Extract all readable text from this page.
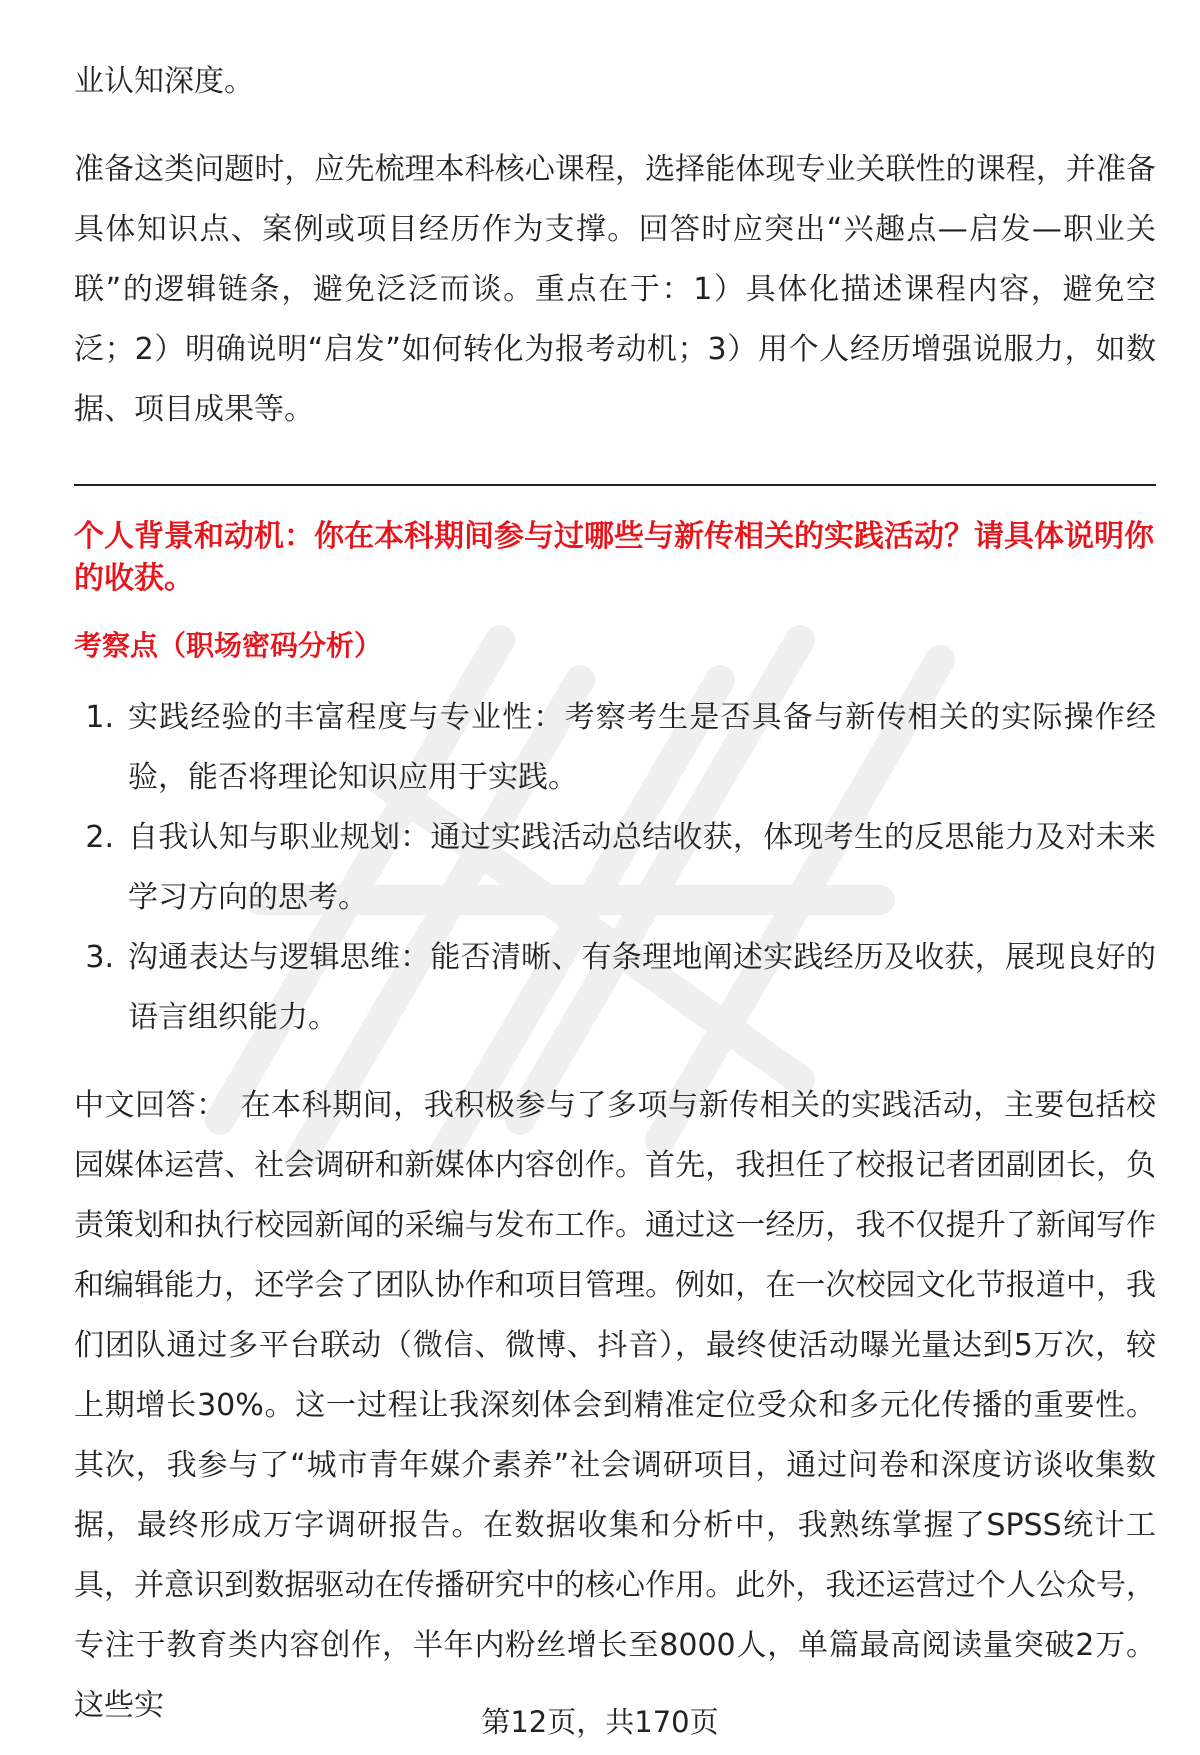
业认知深度。

准备这类问题时，应先梳理本科核心课程，选择能体现专业关联性的课程，并准备具体知识点、案例或项目经历作为支撑。回答时应突出“兴趣点—启发—职业关联”的逻辑链条，避免泛泛而谈。重点在于：1）具体化描述课程内容，避免空泛；2）明确说明“启发”如何转化为报考动机；3）用个人经历增强说服力，如数据、项目成果等。

个人背景和动机：你在本科期间参与过哪些与新传相关的实践活动？请具体说明你的收获。
考察点（职场密码分析）
1. 实践经验的丰富程度与专业性：考察考生是否具备与新传相关的实际操作经验，能否将理论知识应用于实践。
2. 自我认知与职业规划：通过实践活动总结收获，体现考生的反思能力及对未来学习方向的思考。
3. 沟通表达与逻辑思维：能否清晰、有条理地阐述实践经历及收获，展现良好的语言组织能力。

中文回答： 在本科期间，我积极参与了多项与新传相关的实践活动，主要包括校园媒体运营、社会调研和新媒体内容创作。首先，我担任了校报记者团副团长，负责策划和执行校园新闻的采编与发布工作。通过这一经历，我不仅提升了新闻写作和编辑能力，还学会了团队协作和项目管理。例如，在一次校园文化节报道中，我们团队通过多平台联动（微信、微博、抖音），最终使活动曝光量达到5万次，较上期增长30%。这一过程让我深刻体会到精准定位受众和多元化传播的重要性。其次，我参与了“城市青年媒介素养”社会调研项目，通过问卷和深度访谈收集数据，最终形成万字调研报告。在数据收集和分析中，我熟练掌握了SPSS统计工具，并意识到数据驱动在传播研究中的核心作用。此外，我还运营过个人公众号，专注于教育类内容创作，半年内粉丝增长至8000人，单篇最高阅读量突破2万。这些实	第12页，共170页
